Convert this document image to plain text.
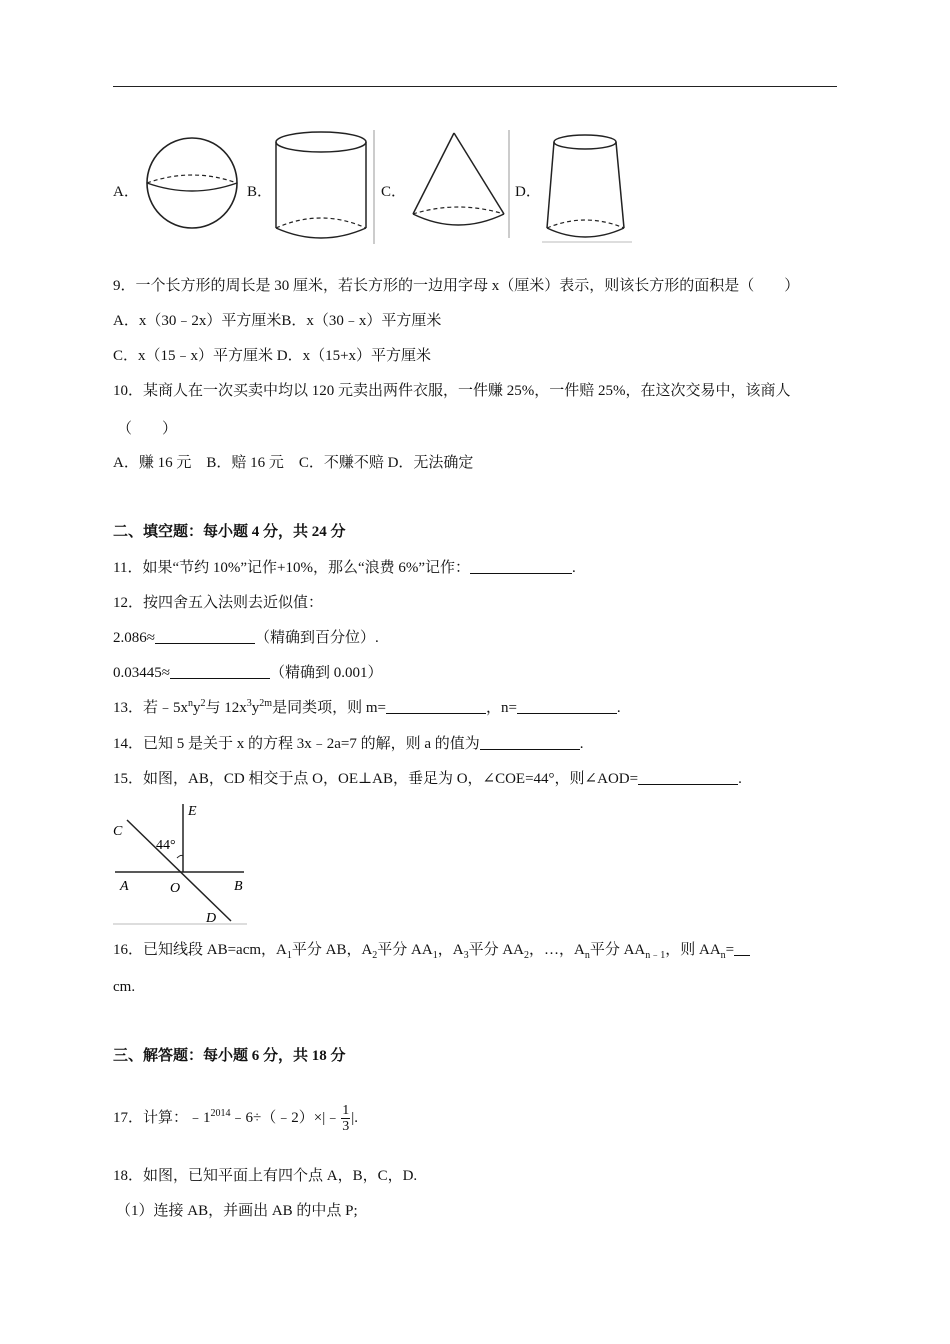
A．	B．	C．	D．
9．一个长方形的周长是 30 厘米，若长方形的一边用字母 x（厘米）表示，则该长方形的面积是（　　）
A．x（30﹣2x）平方厘米B．x（30﹣x）平方厘米
C．x（15﹣x）平方厘米 D．x（15+x）平方厘米
10．某商人在一次买卖中均以 120 元卖出两件衣服，一件赚 25%，一件赔 25%，在这次交易中，该商人
（　　）
A．赚 16 元　B．赔 16 元　C．不赚不赔 D．无法确定
二、填空题：每小题 4 分，共 24 分
11．如果“节约 10%”记作+10%，那么“浪费 6%”记作：	.
12．按四舍五入法则去近似值：
2.086≈	（精确到百分位）.
0.03445≈	（精确到 0.001）
13．若$﹣5x^ny^2$与 $12x^3y^{2m}$是同类项，则 m=	，n=	.
14．已知 5 是关于 x 的方程 3x﹣2a=7 的解，则 a 的值为	.
15．如图，AB，CD 相交于点 O，OE⊥AB，垂足为 O，∠COE=44°，则∠AOD=	.
E
C
44°
A	O	B
D
16．已知线段 AB=acm，$A_1$平分 AB，$A_2$平分 $AA_1$，$A_3$平分 $AA_2$，…，$A_n$平分 $AA_{n﹣1}$，则 $AA_n=$
cm.
三、解答题：每小题 6 分，共 18 分
17．计算：$﹣1^{2014}﹣6\div(﹣2)\times|﹣ \frac{1}{3}$ |.
18．如图，已知平面上有四个点 A，B，C，D.
（1）连接 AB，并画出 AB 的中点 P;
